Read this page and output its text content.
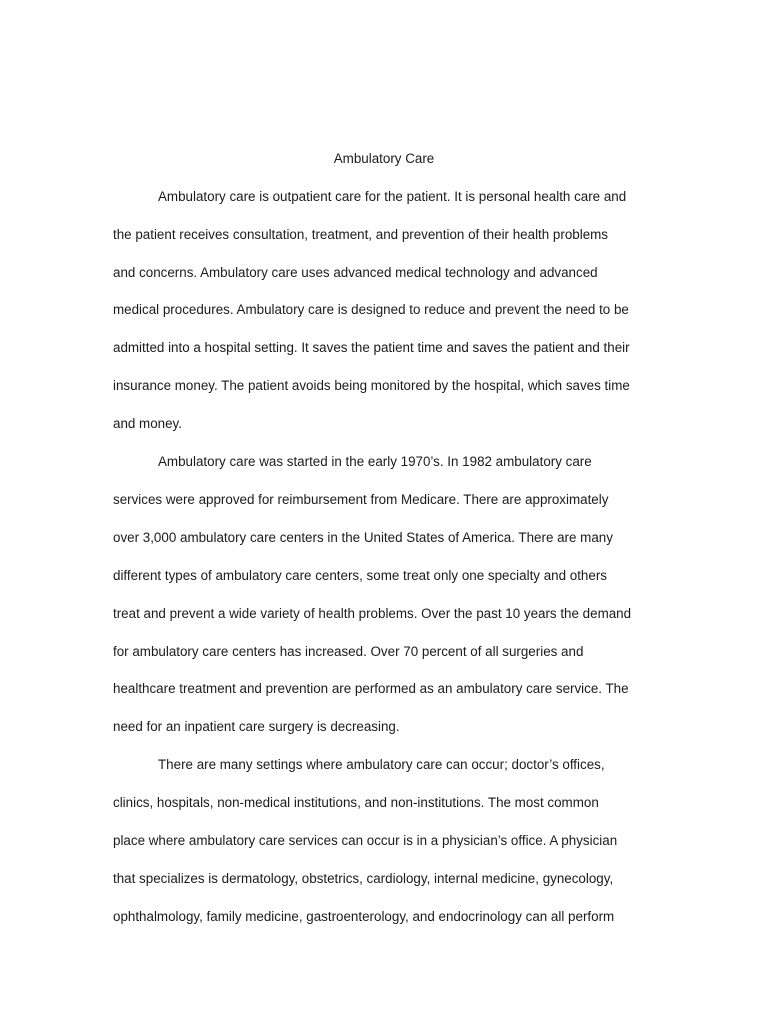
Ambulatory Care

Ambulatory care is outpatient care for the patient. It is personal health care and

the patient receives consultation, treatment, and prevention of their health problems

and concerns. Ambulatory care uses advanced medical technology and advanced

medical procedures. Ambulatory care is designed to reduce and prevent the need to be

admitted into a hospital setting. It saves the patient time and saves the patient and their

insurance money. The patient avoids being monitored by the hospital, which saves time

and money.

Ambulatory care was started in the early 1970’s. In 1982 ambulatory care

services were approved for reimbursement from Medicare. There are approximately

over 3,000 ambulatory care centers in the United States of America. There are many

different types of ambulatory care centers, some treat only one specialty and others

treat and prevent a wide variety of health problems. Over the past 10 years the demand

for ambulatory care centers has increased. Over 70 percent of all surgeries and

healthcare treatment and prevention are performed as an ambulatory care service. The

need for an inpatient care surgery is decreasing.

There are many settings where ambulatory care can occur; doctor’s offices,

clinics, hospitals, non-medical institutions, and non-institutions. The most common

place where ambulatory care services can occur is in a physician’s office. A physician

that specializes is dermatology, obstetrics, cardiology, internal medicine, gynecology,

ophthalmology, family medicine, gastroenterology, and endocrinology can all perform
